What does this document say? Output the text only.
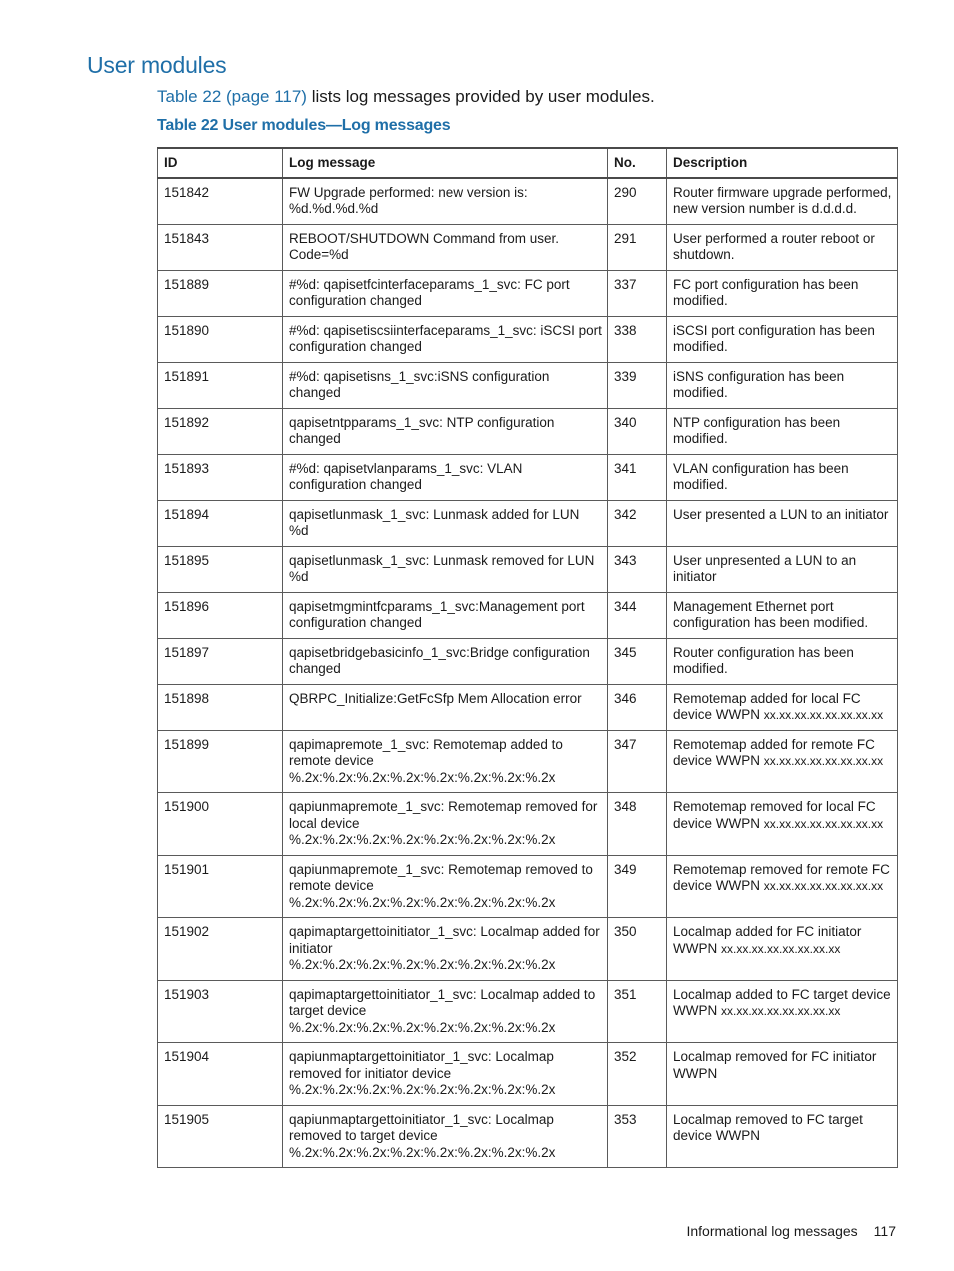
User modules

Table 22 (page 117) lists log messages provided by user modules.

Table 22 User modules—Log messages

ID	Log message	No.	Description
151842	FW Upgrade performed: new version is: %d.%d.%d.%d	290	Router firmware upgrade performed, new version number is d.d.d.d.
151843	REBOOT/SHUTDOWN Command from user. Code=%d	291	User performed a router reboot or shutdown.
151889	#%d: qapisetfcinterfaceparams_1_svc: FC port configuration changed	337	FC port configuration has been modified.
151890	#%d: qapisetiscsiinterfaceparams_1_svc: iSCSI port configuration changed	338	iSCSI port configuration has been modified.
151891	#%d: qapisetisns_1_svc:iSNS configuration changed	339	iSNS configuration has been modified.
151892	qapisetntpparams_1_svc: NTP configuration changed	340	NTP configuration has been modified.
151893	#%d: qapisetvlanparams_1_svc: VLAN configuration changed	341	VLAN configuration has been modified.
151894	qapisetlunmask_1_svc: Lunmask added for LUN %d	342	User presented a LUN to an initiator
151895	qapisetlunmask_1_svc: Lunmask removed for LUN %d	343	User unpresented a LUN to an initiator
151896	qapisetmgmintfcparams_1_svc:Management port configuration changed	344	Management Ethernet port configuration has been modified.
151897	qapisetbridgebasicinfo_1_svc:Bridge configuration changed	345	Router configuration has been modified.
151898	QBRPC_Initialize:GetFcSfp Mem Allocation error	346	Remotemap added for local FC device WWPN xx.xx.xx.xx.xx.xx.xx.xx
151899	qapimapremote_1_svc: Remotemap added to remote device %.2x:%.2x:%.2x:%.2x:%.2x:%.2x:%.2x:%.2x	347	Remotemap added for remote FC device WWPN xx.xx.xx.xx.xx.xx.xx.xx
151900	qapiunmapremote_1_svc: Remotemap removed for local device %.2x:%.2x:%.2x:%.2x:%.2x:%.2x:%.2x:%.2x	348	Remotemap removed for local FC device WWPN xx.xx.xx.xx.xx.xx.xx.xx
151901	qapiunmapremote_1_svc: Remotemap removed to remote device %.2x:%.2x:%.2x:%.2x:%.2x:%.2x:%.2x:%.2x	349	Remotemap removed for remote FC device WWPN xx.xx.xx.xx.xx.xx.xx.xx
151902	qapimaptargettoinitiator_1_svc: Localmap added for initiator %.2x:%.2x:%.2x:%.2x:%.2x:%.2x:%.2x:%.2x	350	Localmap added for FC initiator WWPN xx.xx.xx.xx.xx.xx.xx.xx
151903	qapimaptargettoinitiator_1_svc: Localmap added to target device %.2x:%.2x:%.2x:%.2x:%.2x:%.2x:%.2x:%.2x	351	Localmap added to FC target device WWPN xx.xx.xx.xx.xx.xx.xx.xx
151904	qapiunmaptargettoinitiator_1_svc: Localmap removed for initiator device %.2x:%.2x:%.2x:%.2x:%.2x:%.2x:%.2x:%.2x	352	Localmap removed for FC initiator WWPN
151905	qapiunmaptargettoinitiator_1_svc: Localmap removed to target device %.2x:%.2x:%.2x:%.2x:%.2x:%.2x:%.2x:%.2x	353	Localmap removed to FC target device WWPN
Informational log messages 117
